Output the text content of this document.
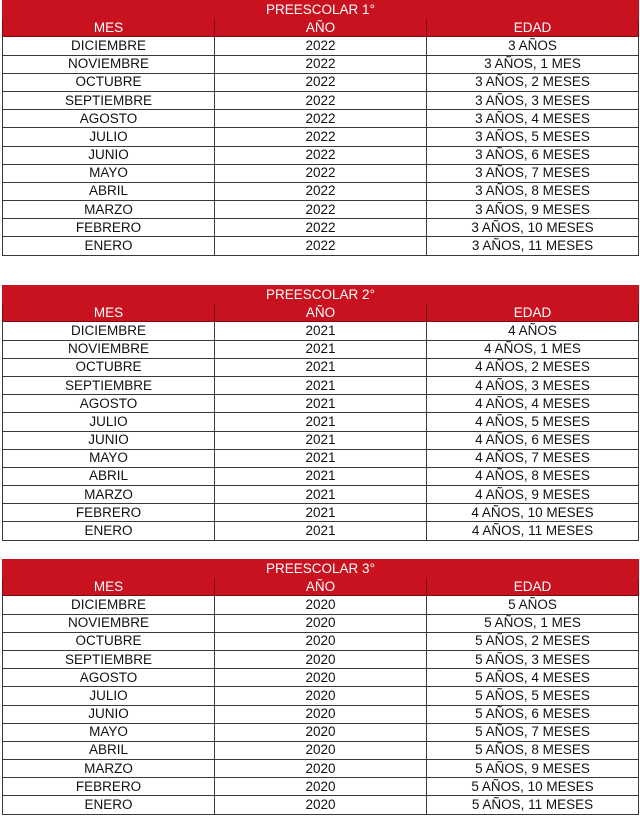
PREESCOLAR 1°		
MES	AÑO	EDAD
DICIEMBRE	2022	3 AÑOS
NOVIEMBRE	2022	3 AÑOS, 1 MES
OCTUBRE	2022	3 AÑOS, 2 MESES
SEPTIEMBRE	2022	3 AÑOS, 3 MESES
AGOSTO	2022	3 AÑOS, 4 MESES
JULIO	2022	3 AÑOS, 5 MESES
JUNIO	2022	3 AÑOS, 6 MESES
MAYO	2022	3 AÑOS, 7 MESES
ABRIL	2022	3 AÑOS, 8 MESES
MARZO	2022	3 AÑOS, 9 MESES
FEBRERO	2022	3 AÑOS, 10 MESES
ENERO	2022	3 AÑOS, 11 MESES
PREESCOLAR 2°		
MES	AÑO	EDAD
DICIEMBRE	2021	4 AÑOS
NOVIEMBRE	2021	4 AÑOS, 1 MES
OCTUBRE	2021	4 AÑOS, 2 MESES
SEPTIEMBRE	2021	4 AÑOS, 3 MESES
AGOSTO	2021	4 AÑOS, 4 MESES
JULIO	2021	4 AÑOS, 5 MESES
JUNIO	2021	4 AÑOS, 6 MESES
MAYO	2021	4 AÑOS, 7 MESES
ABRIL	2021	4 AÑOS, 8 MESES
MARZO	2021	4 AÑOS, 9 MESES
FEBRERO	2021	4 AÑOS, 10 MESES
ENERO	2021	4 AÑOS, 11 MESES
PREESCOLAR 3°		
MES	AÑO	EDAD
DICIEMBRE	2020	5 AÑOS
NOVIEMBRE	2020	5 AÑOS, 1 MES
OCTUBRE	2020	5 AÑOS, 2 MESES
SEPTIEMBRE	2020	5 AÑOS, 3 MESES
AGOSTO	2020	5 AÑOS, 4 MESES
JULIO	2020	5 AÑOS, 5 MESES
JUNIO	2020	5 AÑOS, 6 MESES
MAYO	2020	5 AÑOS, 7 MESES
ABRIL	2020	5 AÑOS, 8 MESES
MARZO	2020	5 AÑOS, 9 MESES
FEBRERO	2020	5 AÑOS, 10 MESES
ENERO	2020	5 AÑOS, 11 MESES
